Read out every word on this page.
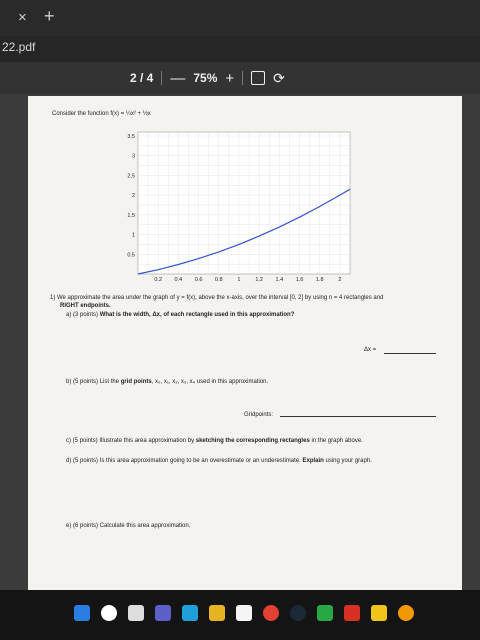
× +
22.pdf
2 / 4 — 75% +	⟳
Consider the function f(x) = ¼x² + ½x
0.2 0.4 0.6 0.8	1	1.2 1.4 1.6 1.8	2
0.5
1
1.5
2
2.5
3
3.5
1) We approximate the area under the graph of y = f(x), above the x-axis, over the interval [0, 2] by using n = 4 rectangles and
RIGHT endpoints.
a) (3 points) What is the width, Δx, of each rectangle used in this approximation?
Δx =
b) (5 points) List the grid points, x₀, x₁, x₂, x₃, x₄ used in this approximation.
Gridpoints:
c) (5 points) Illustrate this area approximation by sketching the corresponding rectangles in the graph above.
d) (5 points) Is this area approximation going to be an overestimate or an underestimate. Explain using your graph.
e) (6 points) Calculate this area approximation.
